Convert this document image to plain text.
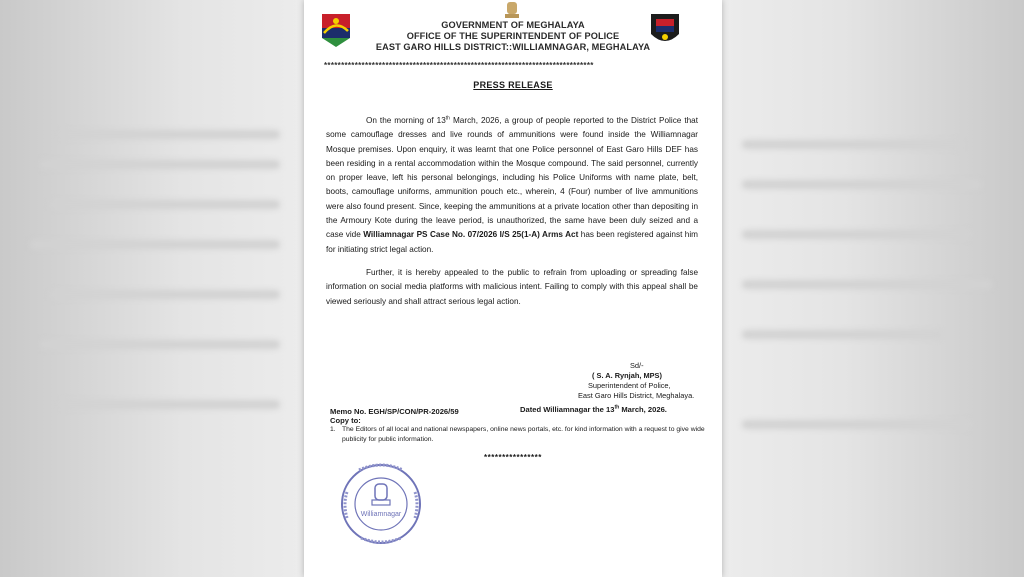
GOVERNMENT OF MEGHALAYA
OFFICE OF THE SUPERINTENDENT OF POLICE
EAST GARO HILLS DISTRICT::WILLIAMNAGAR, MEGHALAYA
*******************************************************************************
PRESS RELEASE

On the morning of 13th March, 2026, a group of people reported to the District Police that some camouflage dresses and live rounds of ammunitions were found inside the Williamnagar Mosque premises. Upon enquiry, it was learnt that one Police personnel of East Garo Hills DEF has been residing in a rental accommodation within the Mosque compound. The said personnel, currently on proper leave, left his personal belongings, including his Police Uniforms with name plate, belt, boots, camouflage uniforms, ammunition pouch etc., wherein, 4 (Four) number of live ammunitions were also found present. Since, keeping the ammunitions at a private location other than depositing in the Armoury Kote during the leave period, is unauthorized, the same have been duly seized and a case vide Williamnagar PS Case No. 07/2026 I/S 25(1-A) Arms Act has been registered against him for initiating strict legal action.

Further, it is hereby appealed to the public to refrain from uploading or spreading false information on social media platforms with malicious intent. Failing to comply with this appeal shall be viewed seriously and shall attract serious legal action.

Sd/-
( S. A. Rynjah, MPS)
Superintendent of Police,
East Garo Hills District, Meghalaya.
Memo No. EGH/SP/CON/PR-2026/59	Dated Williamnagar the 13th March, 2026.
Copy to:
1. The Editors of all local and national newspapers, online news portals, etc. for kind information with a request to give wide publicity for public information.
****************
Williamnagar
